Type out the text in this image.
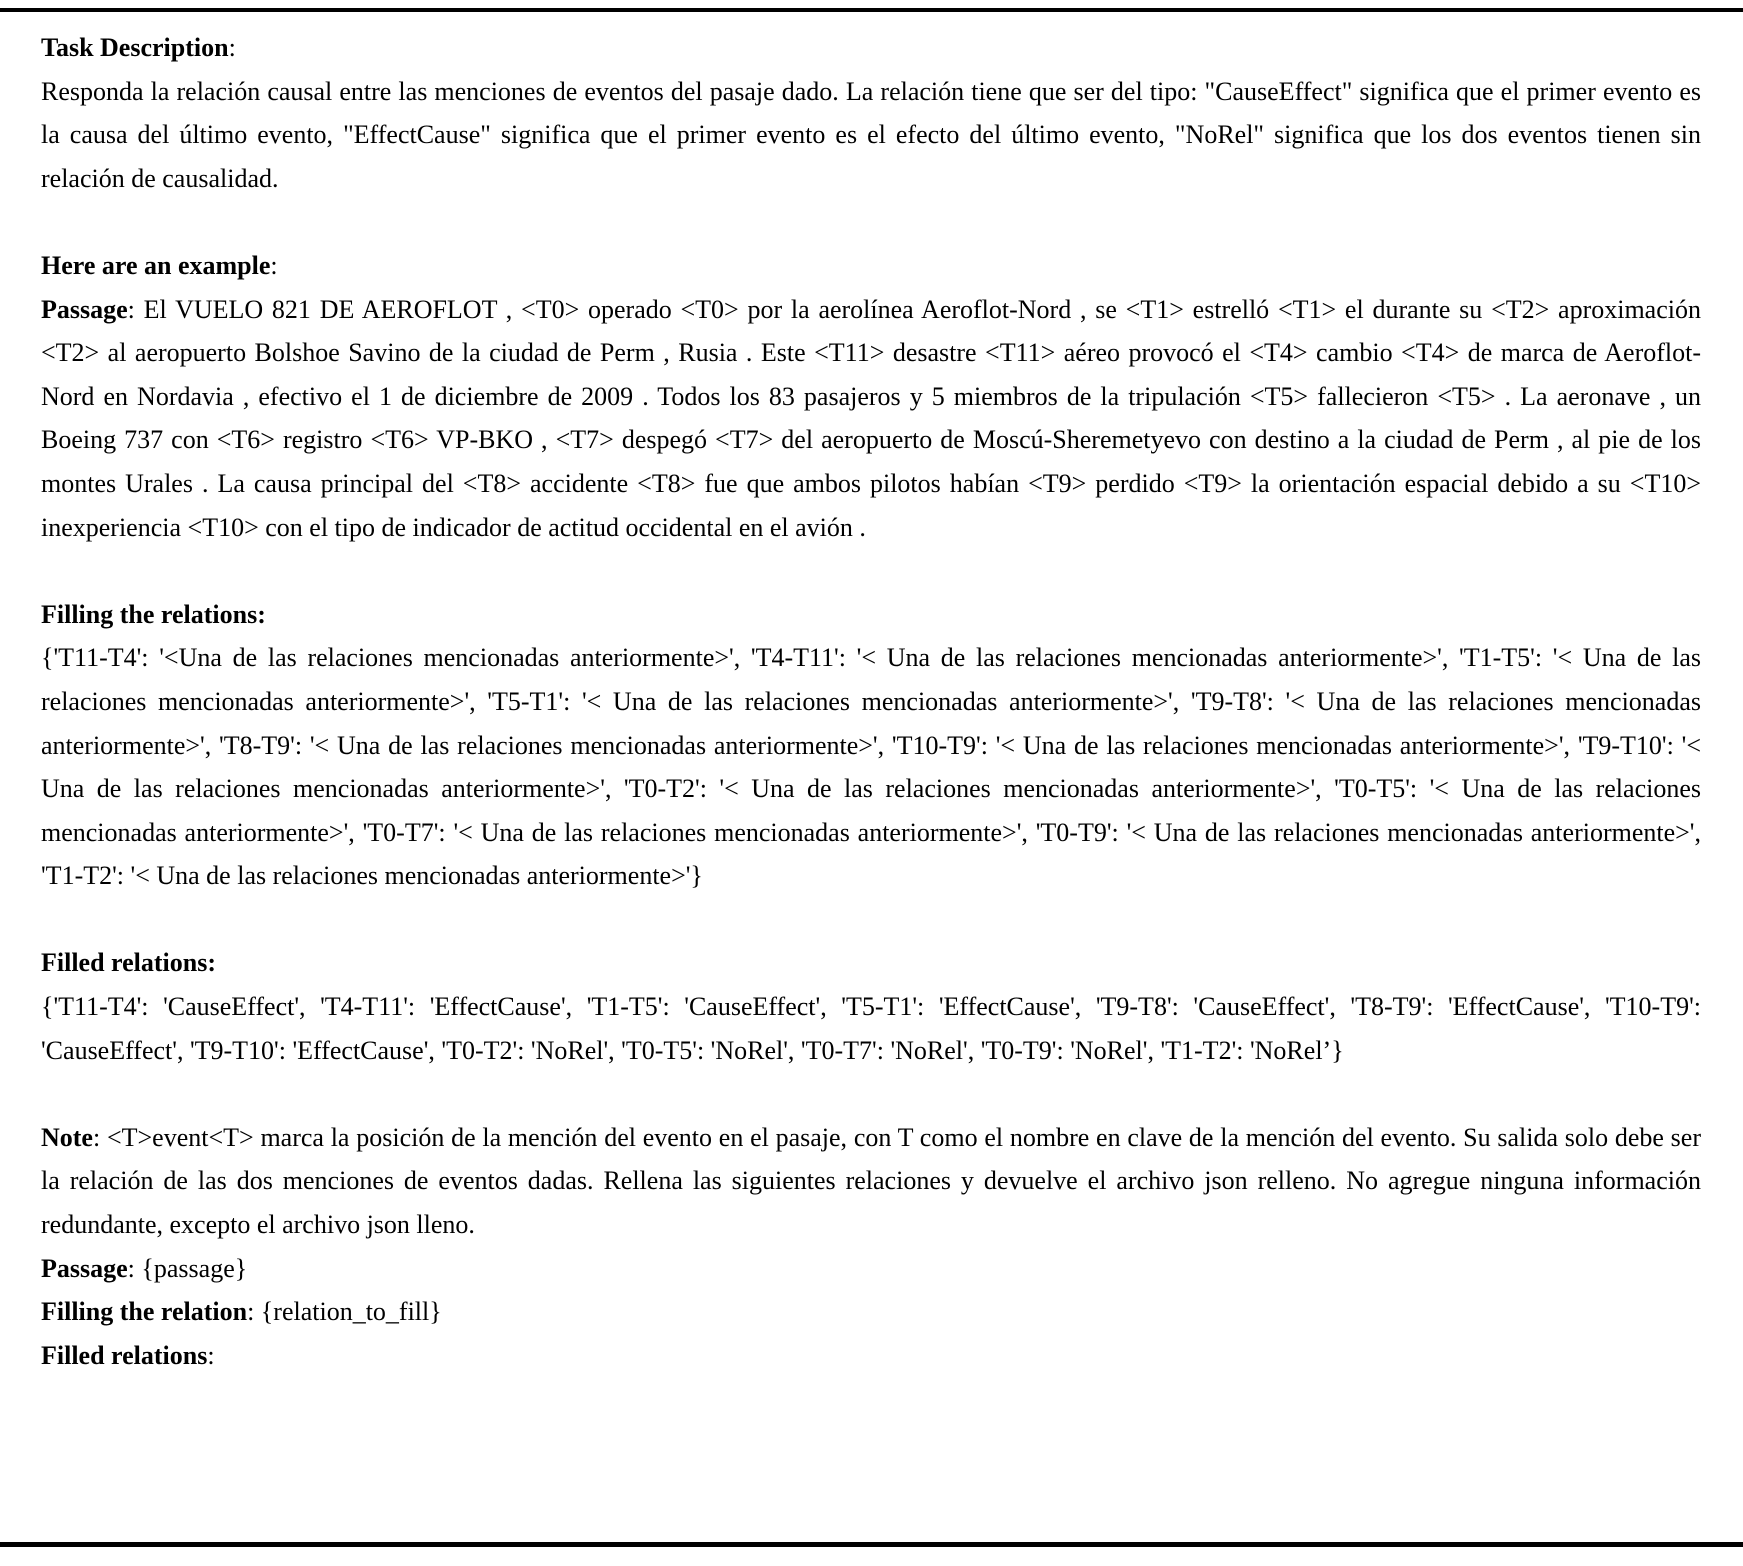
Task Description:
Responda la relación causal entre las menciones de eventos del pasaje dado. La relación tiene que ser del tipo: "CauseEffect" significa que el primer evento es la causa del último evento, "EffectCause" significa que el primer evento es el efecto del último evento, "NoRel" significa que los dos eventos tienen sin relación de causalidad.
Here are an example:
Passage: El VUELO 821 DE AEROFLOT , <T0> operado <T0> por la aerolínea Aeroflot-Nord , se <T1> estrelló <T1> el durante su <T2> aproximación <T2> al aeropuerto Bolshoe Savino de la ciudad de Perm , Rusia . Este <T11> desastre <T11> aéreo provocó el <T4> cambio <T4> de marca de Aeroflot-Nord en Nordavia , efectivo el 1 de diciembre de 2009 . Todos los 83 pasajeros y 5 miembros de la tripulación <T5> fallecieron <T5> . La aeronave , un Boeing 737 con <T6> registro <T6> VP-BKO , <T7> despegó <T7> del aeropuerto de Moscú-Sheremetyevo con destino a la ciudad de Perm , al pie de los montes Urales . La causa principal del <T8> accidente <T8> fue que ambos pilotos habían <T9> perdido <T9> la orientación espacial debido a su <T10> inexperiencia <T10> con el tipo de indicador de actitud occidental en el avión .
Filling the relations:
{'T11-T4': '<Una de las relaciones mencionadas anteriormente>', 'T4-T11': '< Una de las relaciones mencionadas anteriormente>', 'T1-T5': '< Una de las relaciones mencionadas anteriormente>', 'T5-T1': '< Una de las relaciones mencionadas anteriormente>', 'T9-T8': '< Una de las relaciones mencionadas anteriormente>', 'T8-T9': '< Una de las relaciones mencionadas anteriormente>', 'T10-T9': '< Una de las relaciones mencionadas anteriormente>', 'T9-T10': '< Una de las relaciones mencionadas anteriormente>', 'T0-T2': '< Una de las relaciones mencionadas anteriormente>', 'T0-T5': '< Una de las relaciones mencionadas anteriormente>', 'T0-T7': '< Una de las relaciones mencionadas anteriormente>', 'T0-T9': '< Una de las relaciones mencionadas anteriormente>', 'T1-T2': '< Una de las relaciones mencionadas anteriormente>'}
Filled relations:
{'T11-T4': 'CauseEffect', 'T4-T11': 'EffectCause', 'T1-T5': 'CauseEffect', 'T5-T1': 'EffectCause', 'T9-T8': 'CauseEffect', 'T8-T9': 'EffectCause', 'T10-T9': 'CauseEffect', 'T9-T10': 'EffectCause', 'T0-T2': 'NoRel', 'T0-T5': 'NoRel', 'T0-T7': 'NoRel', 'T0-T9': 'NoRel', 'T1-T2': 'NoRel’}
Note: <T>event<T> marca la posición de la mención del evento en el pasaje, con T como el nombre en clave de la mención del evento. Su salida solo debe ser la relación de las dos menciones de eventos dadas. Rellena las siguientes relaciones y devuelve el archivo json relleno. No agregue ninguna información redundante, excepto el archivo json lleno.
Passage: {passage}
Filling the relation: {relation_to_fill}
Filled relations:
